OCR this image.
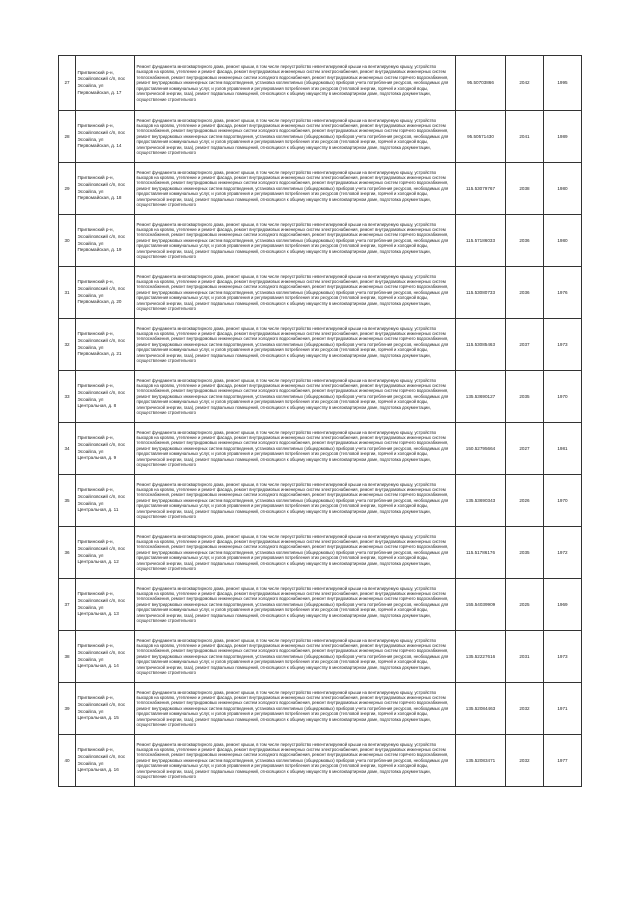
27	Пригвинский р-н, Эсоайловский с/п, пос Эсоайла, ул Первомайская, д. 17	Ремонт фундамента многоквартирного дома, ремонт крыши, в том числе переустройство невентилируемой крыши на вентилируемую крышу, устройство выходов на кровлю, утепление и ремонт фасада, ремонт внутридомовых инженерных систем электроснабжения, ремонт внутридомовых инженерных систем теплоснабжения, ремонт внутридомовых инженерных систем холодного водоснабжения, ремонт внутридомовых инженерных систем горячего водоснабжения, ремонт внутридомовых инженерных систем водоотведения, установка коллективных (общедомовых) приборов учета потребления ресурсов, необходимых для предоставления коммунальных услуг, и узлов управления и регулирования потребления этих ресурсов (тепловой энергии, горячей и холодной воды, электрической энергии, газа), ремонт подвальных помещений, относящихся к общему имуществу в многоквартирном доме, подготовка документации, осуществление строительного	95.50703866	2042	1995
28	Пригвинский р-н, Эсоайловский с/п, пос Эсоайла, ул Первомайская, д. 14	Ремонт фундамента многоквартирного дома, ремонт крыши, в том числе переустройство невентилируемой крыши на вентилируемую крышу, устройство выходов на кровлю, утепление и ремонт фасада, ремонт внутридомовых инженерных систем электроснабжения, ремонт внутридомовых инженерных систем теплоснабжения, ремонт внутридомовых инженерных систем холодного водоснабжения, ремонт внутридомовых инженерных систем горячего водоснабжения, ремонт внутридомовых инженерных систем водоотведения, установка коллективных (общедомовых) приборов учета потребления ресурсов, необходимых для предоставления коммунальных услуг, и узлов управления и регулирования потребления этих ресурсов (тепловой энергии, горячей и холодной воды, электрической энергии, газа), ремонт подвальных помещений, относящихся к общему имуществу в многоквартирном доме, подготовка документации, осуществление строительного	95.50571430	2041	1989
29	Пригвинский р-н, Эсоайловский с/п, пос Эсоайла, ул Первомайская, д. 18	Ремонт фундамента многоквартирного дома, ремонт крыши, в том числе переустройство невентилируемой крыши на вентилируемую крышу, устройство выходов на кровлю, утепление и ремонт фасада, ремонт внутридомовых инженерных систем электроснабжения, ремонт внутридомовых инженерных систем теплоснабжения, ремонт внутридомовых инженерных систем холодного водоснабжения, ремонт внутридомовых инженерных систем горячего водоснабжения, ремонт внутридомовых инженерных систем водоотведения, установка коллективных (общедомовых) приборов учета потребления ресурсов, необходимых для предоставления коммунальных услуг, и узлов управления и регулирования потребления этих ресурсов (тепловой энергии, горячей и холодной воды, электрической энергии, газа), ремонт подвальных помещений, относящихся к общему имуществу в многоквартирном доме, подготовка документации, осуществление строительного	115.53079767	2038	1980
30	Пригвинский р-н, Эсоайловский с/п, пос Эсоайла, ул Первомайская, д. 19	Ремонт фундамента многоквартирного дома, ремонт крыши, в том числе переустройство невентилируемой крыши на вентилируемую крышу, устройство выходов на кровлю, утепление и ремонт фасада, ремонт внутридомовых инженерных систем электроснабжения, ремонт внутридомовых инженерных систем теплоснабжения, ремонт внутридомовых инженерных систем холодного водоснабжения, ремонт внутридомовых инженерных систем горячего водоснабжения, ремонт внутридомовых инженерных систем водоотведения, установка коллективных (общедомовых) приборов учета потребления ресурсов, необходимых для предоставления коммунальных услуг, и узлов управления и регулирования потребления этих ресурсов (тепловой энергии, горячей и холодной воды, электрической энергии, газа), ремонт подвальных помещений, относящихся к общему имуществу в многоквартирном доме, подготовка документации, осуществление строительного	115.57186033	2036	1980
31	Пригвинский р-н, Эсоайловский с/п, пос Эсоайла, ул Первомайская, д. 20	Ремонт фундамента многоквартирного дома, ремонт крыши, в том числе переустройство невентилируемой крыши на вентилируемую крышу, устройство выходов на кровлю, утепление и ремонт фасада, ремонт внутридомовых инженерных систем электроснабжения, ремонт внутридомовых инженерных систем теплоснабжения, ремонт внутридомовых инженерных систем холодного водоснабжения, ремонт внутридомовых инженерных систем горячего водоснабжения, ремонт внутридомовых инженерных систем водоотведения, установка коллективных (общедомовых) приборов учета потребления ресурсов, необходимых для предоставления коммунальных услуг, и узлов управления и регулирования потребления этих ресурсов (тепловой энергии, горячей и холодной воды, электрической энергии, газа), ремонт подвальных помещений, относящихся к общему имуществу в многоквартирном доме, подготовка документации, осуществление строительного	115.53080733	2036	1976
32	Пригвинский р-н, Эсоайловский с/п, пос Эсоайла, ул Первомайская, д. 21	Ремонт фундамента многоквартирного дома, ремонт крыши, в том числе переустройство невентилируемой крыши на вентилируемую крышу, устройство выходов на кровлю, утепление и ремонт фасада, ремонт внутридомовых инженерных систем электроснабжения, ремонт внутридомовых инженерных систем теплоснабжения, ремонт внутридомовых инженерных систем холодного водоснабжения, ремонт внутридомовых инженерных систем горячего водоснабжения, ремонт внутридомовых инженерных систем водоотведения, установка коллективных (общедомовых) приборов учета потребления ресурсов, необходимых для предоставления коммунальных услуг, и узлов управления и регулирования потребления этих ресурсов (тепловой энергии, горячей и холодной воды, электрической энергии, газа), ремонт подвальных помещений, относящихся к общему имуществу в многоквартирном доме, подготовка документации, осуществление строительного	115.53085463	2037	1973
33	Пригвинский р-н, Эсоайловский с/п, пос Эсоайла, ул Центральная, д. 8	Ремонт фундамента многоквартирного дома, ремонт крыши, в том числе переустройство невентилируемой крыши на вентилируемую крышу, устройство выходов на кровлю, утепление и ремонт фасада, ремонт внутридомовых инженерных систем электроснабжения, ремонт внутридомовых инженерных систем теплоснабжения, ремонт внутридомовых инженерных систем холодного водоснабжения, ремонт внутридомовых инженерных систем горячего водоснабжения, ремонт внутридомовых инженерных систем водоотведения, установка коллективных (общедомовых) приборов учета потребления ресурсов, необходимых для предоставления коммунальных услуг, и узлов управления и регулирования потребления этих ресурсов (тепловой энергии, горячей и холодной воды, электрической энергии, газа), ремонт подвальных помещений, относящихся к общему имуществу в многоквартирном доме, подготовка документации, осуществление строительного	135.53690127	2035	1970
34	Пригвинский р-н, Эсоайловский с/п, пос Эсоайла, ул Центральная, д. 9	Ремонт фундамента многоквартирного дома, ремонт крыши, в том числе переустройство невентилируемой крыши на вентилируемую крышу, устройство выходов на кровлю, утепление и ремонт фасада, ремонт внутридомовых инженерных систем электроснабжения, ремонт внутридомовых инженерных систем теплоснабжения, ремонт внутридомовых инженерных систем холодного водоснабжения, ремонт внутридомовых инженерных систем горячего водоснабжения, ремонт внутридомовых инженерных систем водоотведения, установка коллективных (общедомовых) приборов учета потребления ресурсов, необходимых для предоставления коммунальных услуг, и узлов управления и регулирования потребления этих ресурсов (тепловой энергии, горячей и холодной воды, электрической энергии, газа), ремонт подвальных помещений, относящихся к общему имуществу в многоквартирном доме, подготовка документации, осуществление строительного	150.52795664	2027	1981
35	Пригвинский р-н, Эсоайловский с/п, пос Эсоайла, ул Центральная, д. 11	Ремонт фундамента многоквартирного дома, ремонт крыши, в том числе переустройство невентилируемой крыши на вентилируемую крышу, устройство выходов на кровлю, утепление и ремонт фасада, ремонт внутридомовых инженерных систем электроснабжения, ремонт внутридомовых инженерных систем теплоснабжения, ремонт внутридомовых инженерных систем холодного водоснабжения, ремонт внутридомовых инженерных систем горячего водоснабжения, ремонт внутридомовых инженерных систем водоотведения, установка коллективных (общедомовых) приборов учета потребления ресурсов, необходимых для предоставления коммунальных услуг, и узлов управления и регулирования потребления этих ресурсов (тепловой энергии, горячей и холодной воды, электрической энергии, газа), ремонт подвальных помещений, относящихся к общему имуществу в многоквартирном доме, подготовка документации, осуществление строительного	135.53690343	2026	1970
36	Пригвинский р-н, Эсоайловский с/п, пос Эсоайла, ул Центральная, д. 12	Ремонт фундамента многоквартирного дома, ремонт крыши, в том числе переустройство невентилируемой крыши на вентилируемую крышу, устройство выходов на кровлю, утепление и ремонт фасада, ремонт внутридомовых инженерных систем электроснабжения, ремонт внутридомовых инженерных систем теплоснабжения, ремонт внутридомовых инженерных систем холодного водоснабжения, ремонт внутридомовых инженерных систем горячего водоснабжения, ремонт внутридомовых инженерных систем водоотведения, установка коллективных (общедомовых) приборов учета потребления ресурсов, необходимых для предоставления коммунальных услуг, и узлов управления и регулирования потребления этих ресурсов (тепловой энергии, горячей и холодной воды, электрической энергии, газа), ремонт подвальных помещений, относящихся к общему имуществу в многоквартирном доме, подготовка документации, осуществление строительного	115.51786176	2035	1972
37	Пригвинский р-н, Эсоайловский с/п, пос Эсоайла, ул Центральная, д. 13	Ремонт фундамента многоквартирного дома, ремонт крыши, в том числе переустройство невентилируемой крыши на вентилируемую крышу, устройство выходов на кровлю, утепление и ремонт фасада, ремонт внутридомовых инженерных систем электроснабжения, ремонт внутридомовых инженерных систем теплоснабжения, ремонт внутридомовых инженерных систем холодного водоснабжения, ремонт внутридомовых инженерных систем горячего водоснабжения, ремонт внутридомовых инженерных систем водоотведения, установка коллективных (общедомовых) приборов учета потребления ресурсов, необходимых для предоставления коммунальных услуг, и узлов управления и регулирования потребления этих ресурсов (тепловой энергии, горячей и холодной воды, электрической энергии, газа), ремонт подвальных помещений, относящихся к общему имуществу в многоквартирном доме, подготовка документации, осуществление строительного	155.54039909	2025	1969
38	Пригвинский р-н, Эсоайловский с/п, пос Эсоайла, ул Центральная, д. 14	Ремонт фундамента многоквартирного дома, ремонт крыши, в том числе переустройство невентилируемой крыши на вентилируемую крышу, устройство выходов на кровлю, утепление и ремонт фасада, ремонт внутридомовых инженерных систем электроснабжения, ремонт внутридомовых инженерных систем теплоснабжения, ремонт внутридомовых инженерных систем холодного водоснабжения, ремонт внутридомовых инженерных систем горячего водоснабжения, ремонт внутридомовых инженерных систем водоотведения, установка коллективных (общедомовых) приборов учета потребления ресурсов, необходимых для предоставления коммунальных услуг, и узлов управления и регулирования потребления этих ресурсов (тепловой энергии, горячей и холодной воды, электрической энергии, газа), ремонт подвальных помещений, относящихся к общему имуществу в многоквартирном доме, подготовка документации, осуществление строительного	135.52227616	2031	1973
39	Пригвинский р-н, Эсоайловский с/п, пос Эсоайла, ул Центральная, д. 15	Ремонт фундамента многоквартирного дома, ремонт крыши, в том числе переустройство невентилируемой крыши на вентилируемую крышу, устройство выходов на кровлю, утепление и ремонт фасада, ремонт внутридомовых инженерных систем электроснабжения, ремонт внутридомовых инженерных систем теплоснабжения, ремонт внутридомовых инженерных систем холодного водоснабжения, ремонт внутридомовых инженерных систем горячего водоснабжения, ремонт внутридомовых инженерных систем водоотведения, установка коллективных (общедомовых) приборов учета потребления ресурсов, необходимых для предоставления коммунальных услуг, и узлов управления и регулирования потребления этих ресурсов (тепловой энергии, горячей и холодной воды, электрической энергии, газа), ремонт подвальных помещений, относящихся к общему имуществу в многоквартирном доме, подготовка документации, осуществление строительного	135.52084463	2032	1971
40	Пригвинский р-н, Эсоайловский с/п, пос Эсоайла, ул Центральная, д. 16	Ремонт фундамента многоквартирного дома, ремонт крыши, в том числе переустройство невентилируемой крыши на вентилируемую крышу, устройство выходов на кровлю, утепление и ремонт фасада, ремонт внутридомовых инженерных систем электроснабжения, ремонт внутридомовых инженерных систем теплоснабжения, ремонт внутридомовых инженерных систем холодного водоснабжения, ремонт внутридомовых инженерных систем горячего водоснабжения, ремонт внутридомовых инженерных систем водоотведения, установка коллективных (общедомовых) приборов учета потребления ресурсов, необходимых для предоставления коммунальных услуг, и узлов управления и регулирования потребления этих ресурсов (тепловой энергии, горячей и холодной воды, электрической энергии, газа), ремонт подвальных помещений, относящихся к общему имуществу в многоквартирном доме, подготовка документации, осуществление строительного	135.52083471	2032	1977
